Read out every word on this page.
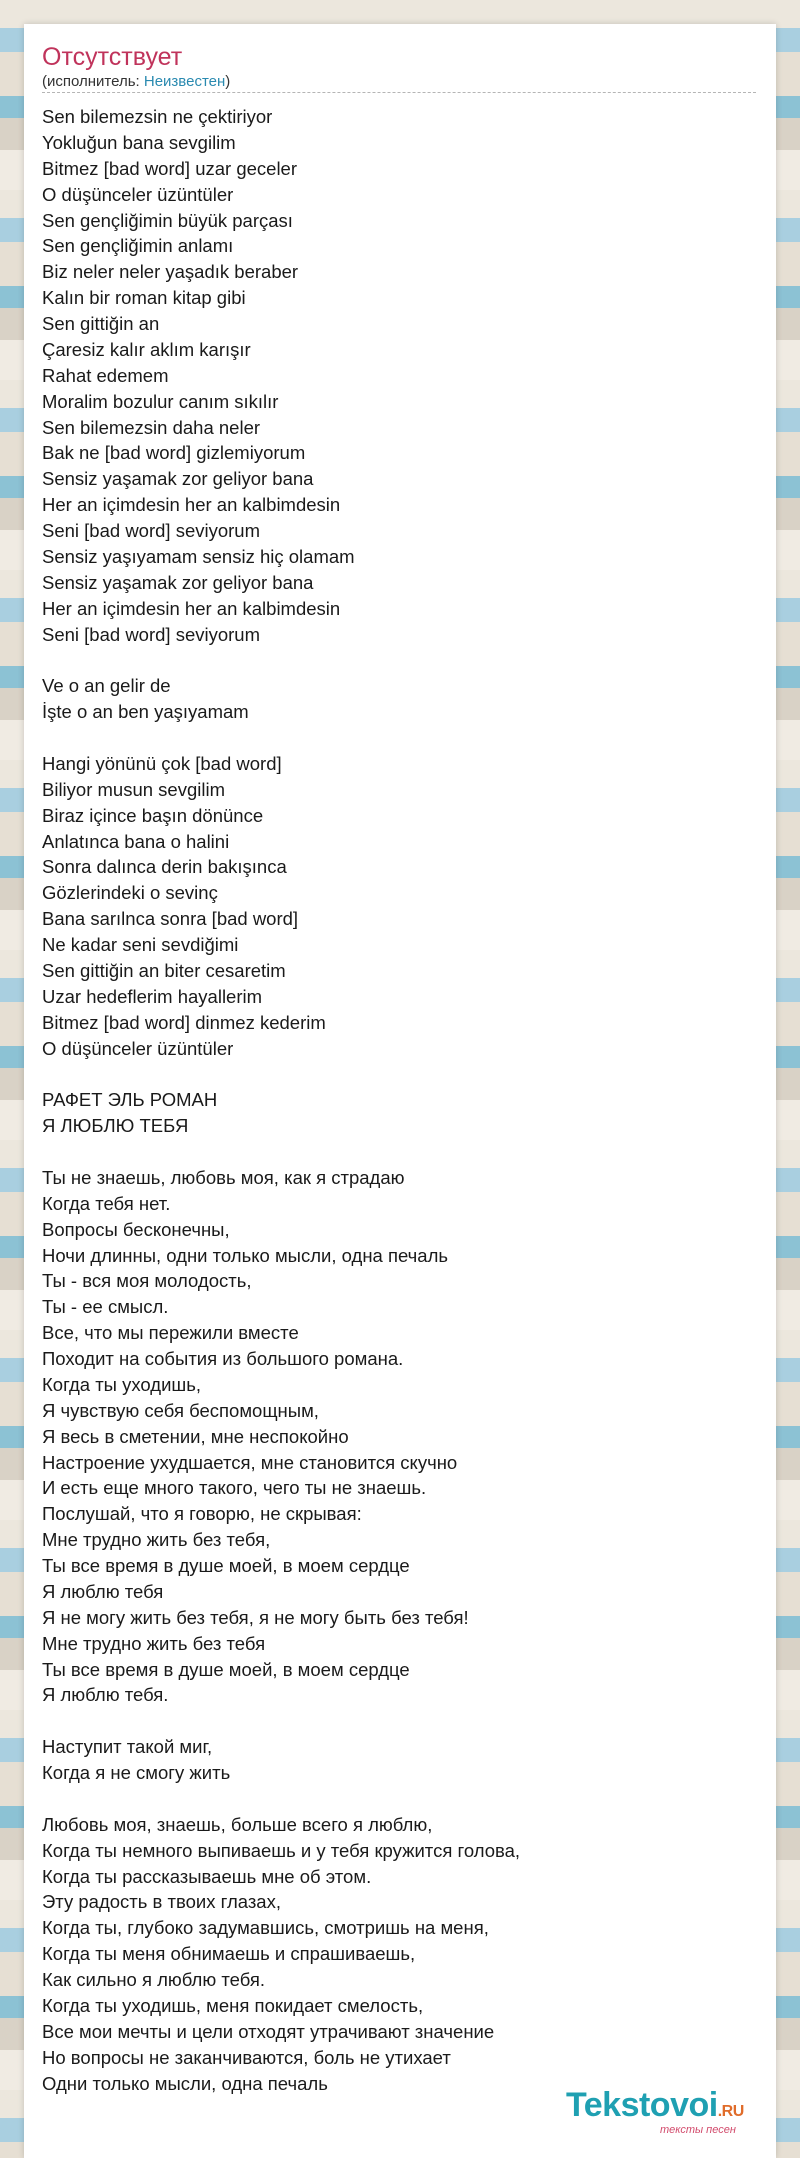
Отсутствует
(исполнитель: Неизвестен)
Sen bilemezsin ne çektiriyor
Yokluğun bana sevgilim
Bitmez [bad word] uzar geceler
O düşünceler üzüntüler
Sen gençliğimin büyük parçası
Sen gençliğimin anlamı
Biz neler neler yaşadık beraber
Kalın bir roman kitap gibi
Sen gittiğin an
Çaresiz kalır aklım karışır
Rahat edemem
Moralim bozulur canım sıkılır
Sen bilemezsin daha neler
Bak ne [bad word] gizlemiyorum
Sensiz yaşamak zor geliyor bana
Her an içimdesin her an kalbimdesin
Seni [bad word] seviyorum
Sensiz yaşıyamam sensiz hiç olamam
Sensiz yaşamak zor geliyor bana
Her an içimdesin her an kalbimdesin
Seni [bad word] seviyorum
Ve o an gelir de
İşte o an ben yaşıyamam
Hangi yönünü çok [bad word]
Biliyor musun sevgilim
Biraz içince başın dönünce
Anlatınca bana o halini
Sonra dalınca derin bakışınca
Gözlerindeki o sevinç
Bana sarılnca sonra [bad word]
Ne kadar seni sevdiğimi
Sen gittiğin an biter cesaretim
Uzar hedeflerim hayallerim
Bitmez [bad word] dinmez kederim
O düşünceler üzüntüler
РАФЕТ ЭЛЬ РОМАН
Я ЛЮБЛЮ ТЕБЯ
Ты не знаешь, любовь моя, как я страдаю
Когда тебя нет.
Вопросы бесконечны,
Ночи длинны, одни только мысли, одна печаль
Ты - вся моя молодость,
Ты - ее смысл.
Все, что мы пережили вместе
Походит на события из большого романа.
Когда ты уходишь,
Я чувствую себя беспомощным,
Я весь в сметении, мне неспокойно
Настроение ухудшается, мне становится скучно
И есть еще много такого, чего ты не знаешь.
Послушай, что я говорю, не скрывая:
Мне трудно жить без тебя,
Ты все время в душе моей, в моем сердце
Я люблю тебя
Я не могу жить без тебя, я не могу быть без тебя!
Мне трудно жить без тебя
Ты все время в душе моей, в моем сердце
Я люблю тебя.
Наступит такой миг,
Когда я не смогу жить
Любовь моя, знаешь, больше всего я люблю,
Когда ты немного выпиваешь и у тебя кружится голова,
Когда ты рассказываешь мне об этом.
Эту радость в твоих глазах,
Когда ты, глубоко задумавшись, смотришь на меня,
Когда ты меня обнимаешь и спрашиваешь,
Как сильно я люблю тебя.
Когда ты уходишь, меня покидает смелость,
Все мои мечты и цели отходят утрачивают значение
Но вопросы не заканчиваются, боль не утихает
Одни только мысли, одна печаль
Tekstovoi.RU
тексты песен
